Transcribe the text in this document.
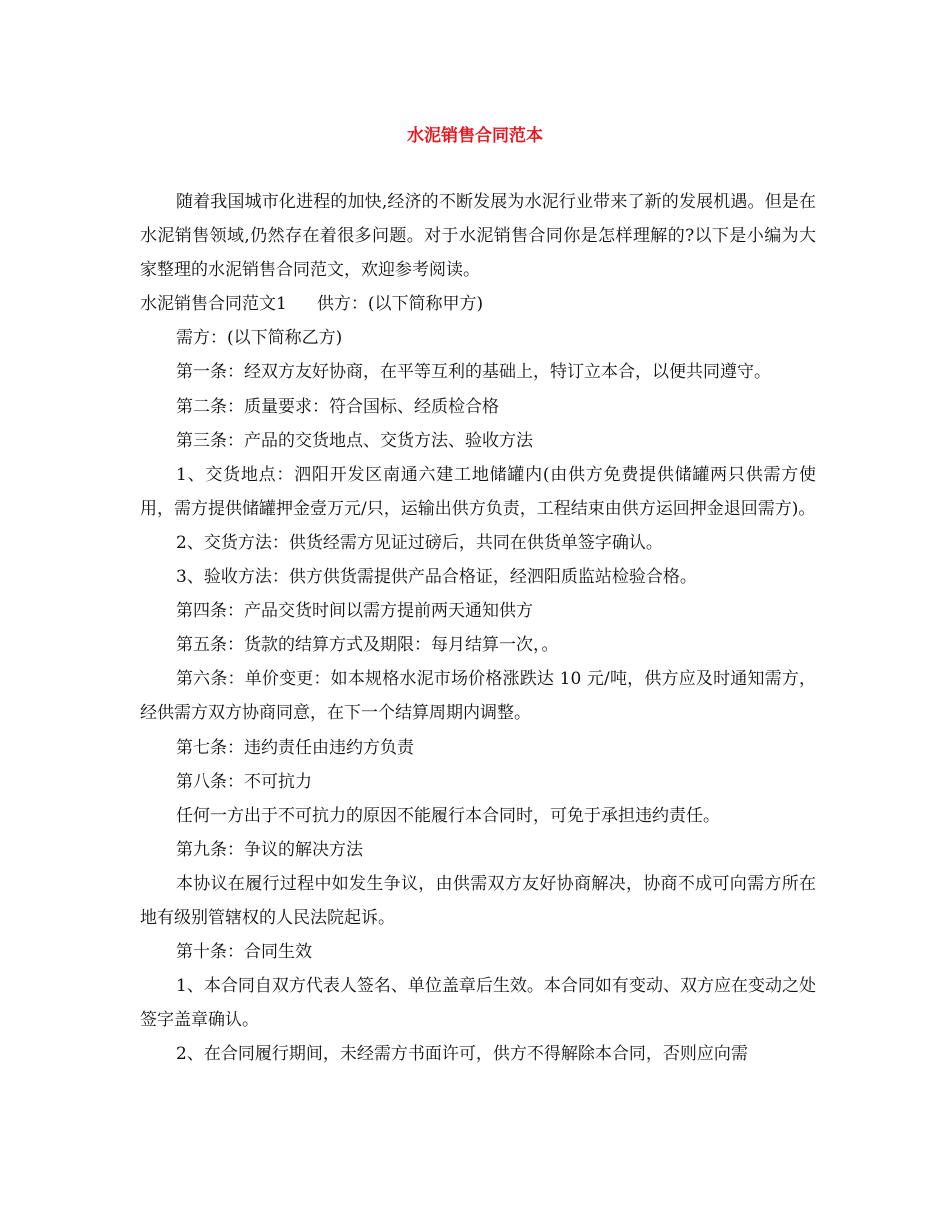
水泥销售合同范本

随着我国城市化进程的加快,经济的不断发展为水泥行业带来了新的发展机遇。但是在水泥销售领域,仍然存在着很多问题。对于水泥销售合同你是怎样理解的?以下是小编为大家整理的水泥销售合同范文，欢迎参考阅读。

水泥销售合同范文1 供方：(以下简称甲方)

需方：(以下简称乙方)

第一条：经双方友好协商，在平等互利的基础上，特订立本合，以便共同遵守。

第二条：质量要求：符合国标、经质检合格

第三条：产品的交货地点、交货方法、验收方法

1、交货地点：泗阳开发区南通六建工地储罐内(由供方免费提供储罐两只供需方使用，需方提供储罐押金壹万元/只，运输出供方负责，工程结束由供方运回押金退回需方)。

2、交货方法：供货经需方见证过磅后，共同在供货单签字确认。

3、验收方法：供方供货需提供产品合格证，经泗阳质监站检验合格。

第四条：产品交货时间以需方提前两天通知供方

第五条：货款的结算方式及期限：每月结算一次，。

第六条：单价变更：如本规格水泥市场价格涨跌达 10 元/吨，供方应及时通知需方，经供需方双方协商同意，在下一个结算周期内调整。

第七条：违约责任由违约方负责

第八条：不可抗力

任何一方出于不可抗力的原因不能履行本合同时，可免于承担违约责任。

第九条：争议的解决方法

本协议在履行过程中如发生争议，由供需双方友好协商解决，协商不成可向需方所在地有级别管辖权的人民法院起诉。

第十条：合同生效

1、本合同自双方代表人签名、单位盖章后生效。本合同如有变动、双方应在变动之处签字盖章确认。

2、在合同履行期间，未经需方书面许可，供方不得解除本合同，否则应向需
